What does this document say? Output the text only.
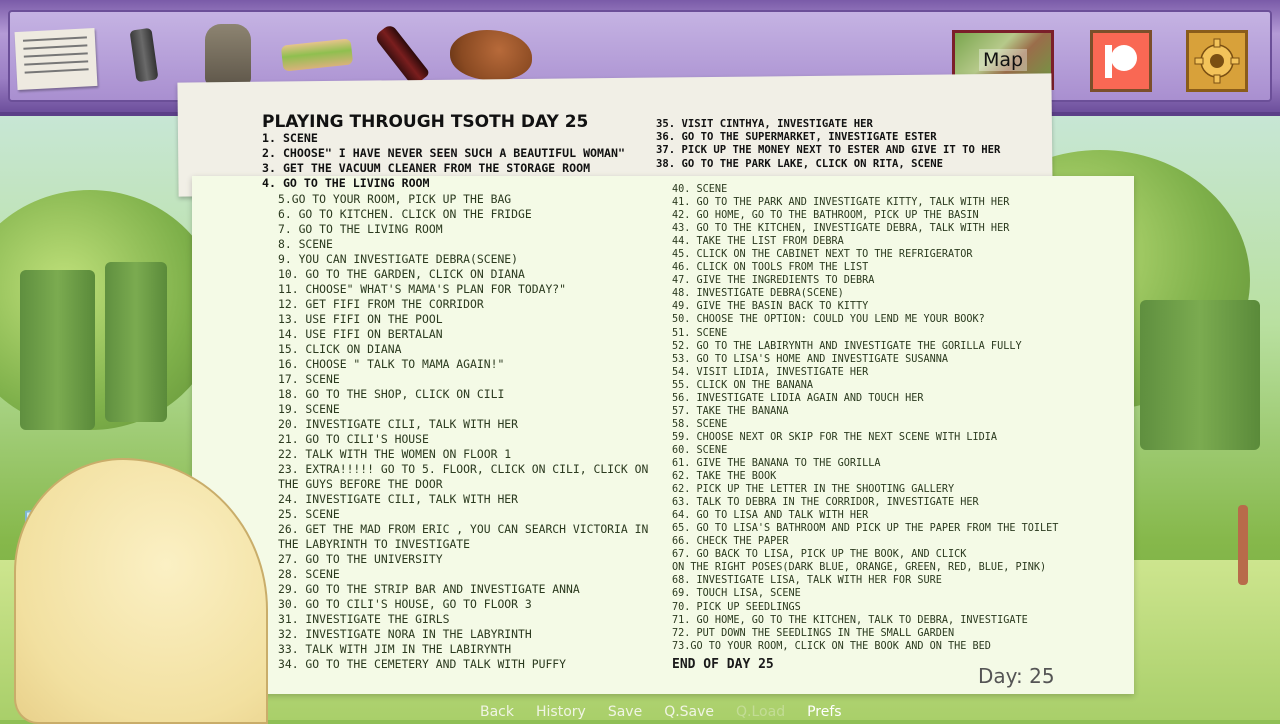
Map
PLAYING THROUGH TSOTH DAY 25
1. SCENE
2. CHOOSE" I HAVE NEVER SEEN SUCH A BEAUTIFUL WOMAN"
3. GET THE VACUUM CLEANER FROM THE STORAGE ROOM
4. GO TO THE LIVING ROOM
5.GO TO YOUR ROOM, PICK UP THE BAG
6. GO TO KITCHEN. CLICK ON THE FRIDGE
7. GO TO THE LIVING ROOM
8. SCENE
9. YOU CAN INVESTIGATE DEBRA(SCENE)
10. GO TO THE GARDEN, CLICK ON DIANA
11. CHOOSE" WHAT'S MAMA'S PLAN FOR TODAY?"
12. GET FIFI FROM THE CORRIDOR
13. USE FIFI ON THE POOL
14. USE FIFI ON BERTALAN
15. CLICK ON DIANA
16. CHOOSE " TALK TO MAMA AGAIN!"
17. SCENE
18. GO TO THE SHOP, CLICK ON CILI
19. SCENE
20. INVESTIGATE CILI, TALK WITH HER
21. GO TO CILI'S HOUSE
22. TALK WITH THE WOMEN ON FLOOR 1
23. EXTRA!!!!! GO TO 5. FLOOR, CLICK ON CILI, CLICK ON THE GUYS BEFORE THE DOOR
24. INVESTIGATE CILI, TALK WITH HER
25. SCENE
26. GET THE MAD FROM ERIC , YOU CAN SEARCH VICTORIA IN THE LABYRINTH TO INVESTIGATE
27. GO TO THE UNIVERSITY
28. SCENE
29. GO TO THE STRIP BAR AND INVESTIGATE ANNA
30. GO TO CILI'S HOUSE, GO TO FLOOR 3
31. INVESTIGATE THE GIRLS
32. INVESTIGATE NORA IN THE LABYRINTH
33. TALK WITH JIM IN THE LABIRYNTH
34. GO TO THE CEMETERY AND TALK WITH PUFFY
35. VISIT CINTHYA, INVESTIGATE HER
36. GO TO THE SUPERMARKET, INVESTIGATE ESTER
37. PICK UP THE MONEY NEXT TO ESTER AND GIVE IT TO HER
38. GO TO THE PARK LAKE, CLICK ON RITA, SCENE
40. SCENE
41. GO TO THE PARK AND INVESTIGATE KITTY, TALK WITH HER
42. GO HOME, GO TO THE BATHROOM, PICK UP THE BASIN
43. GO TO THE KITCHEN, INVESTIGATE DEBRA, TALK WITH HER
44. TAKE THE LIST FROM DEBRA
45. CLICK ON THE CABINET NEXT TO THE REFRIGERATOR
46. CLICK ON TOOLS FROM THE LIST
47. GIVE THE INGREDIENTS TO DEBRA
48. INVESTIGATE DEBRA(SCENE)
49. GIVE THE BASIN BACK TO KITTY
50. CHOOSE THE OPTION: COULD YOU LEND ME YOUR BOOK?
51. SCENE
52. GO TO THE LABIRYNTH AND INVESTIGATE THE GORILLA FULLY
53. GO TO LISA'S HOME AND INVESTIGATE SUSANNA
54. VISIT LIDIA, INVESTIGATE HER
55. CLICK ON THE BANANA
56. INVESTIGATE LIDIA AGAIN AND TOUCH HER
57. TAKE THE BANANA
58. SCENE
59. CHOOSE NEXT OR SKIP FOR THE NEXT SCENE WITH LIDIA
60. SCENE
61. GIVE THE BANANA TO THE GORILLA
62. TAKE THE BOOK
62. PICK UP THE LETTER IN THE SHOOTING GALLERY
63. TALK TO DEBRA IN THE CORRIDOR, INVESTIGATE HER
64. GO TO LISA AND TALK WITH HER
65. GO TO LISA'S BATHROOM AND PICK UP THE PAPER FROM THE TOILET
66. CHECK THE PAPER
67. GO BACK TO LISA, PICK UP THE BOOK, AND CLICK
ON THE RIGHT POSES(DARK BLUE, ORANGE, GREEN, RED, BLUE, PINK)
68. INVESTIGATE LISA, TALK WITH HER FOR SURE
69. TOUCH LISA, SCENE
70. PICK UP SEEDLINGS
71. GO HOME, GO TO THE KITCHEN, TALK TO DEBRA, INVESTIGATE
72. PUT DOWN THE SEEDLINGS IN THE SMALL GARDEN
73.GO TO YOUR ROOM, CLICK ON THE BOOK AND ON THE BED
END OF DAY 25	Day: 25
Back History Save Q.Save Q.Load Prefs
